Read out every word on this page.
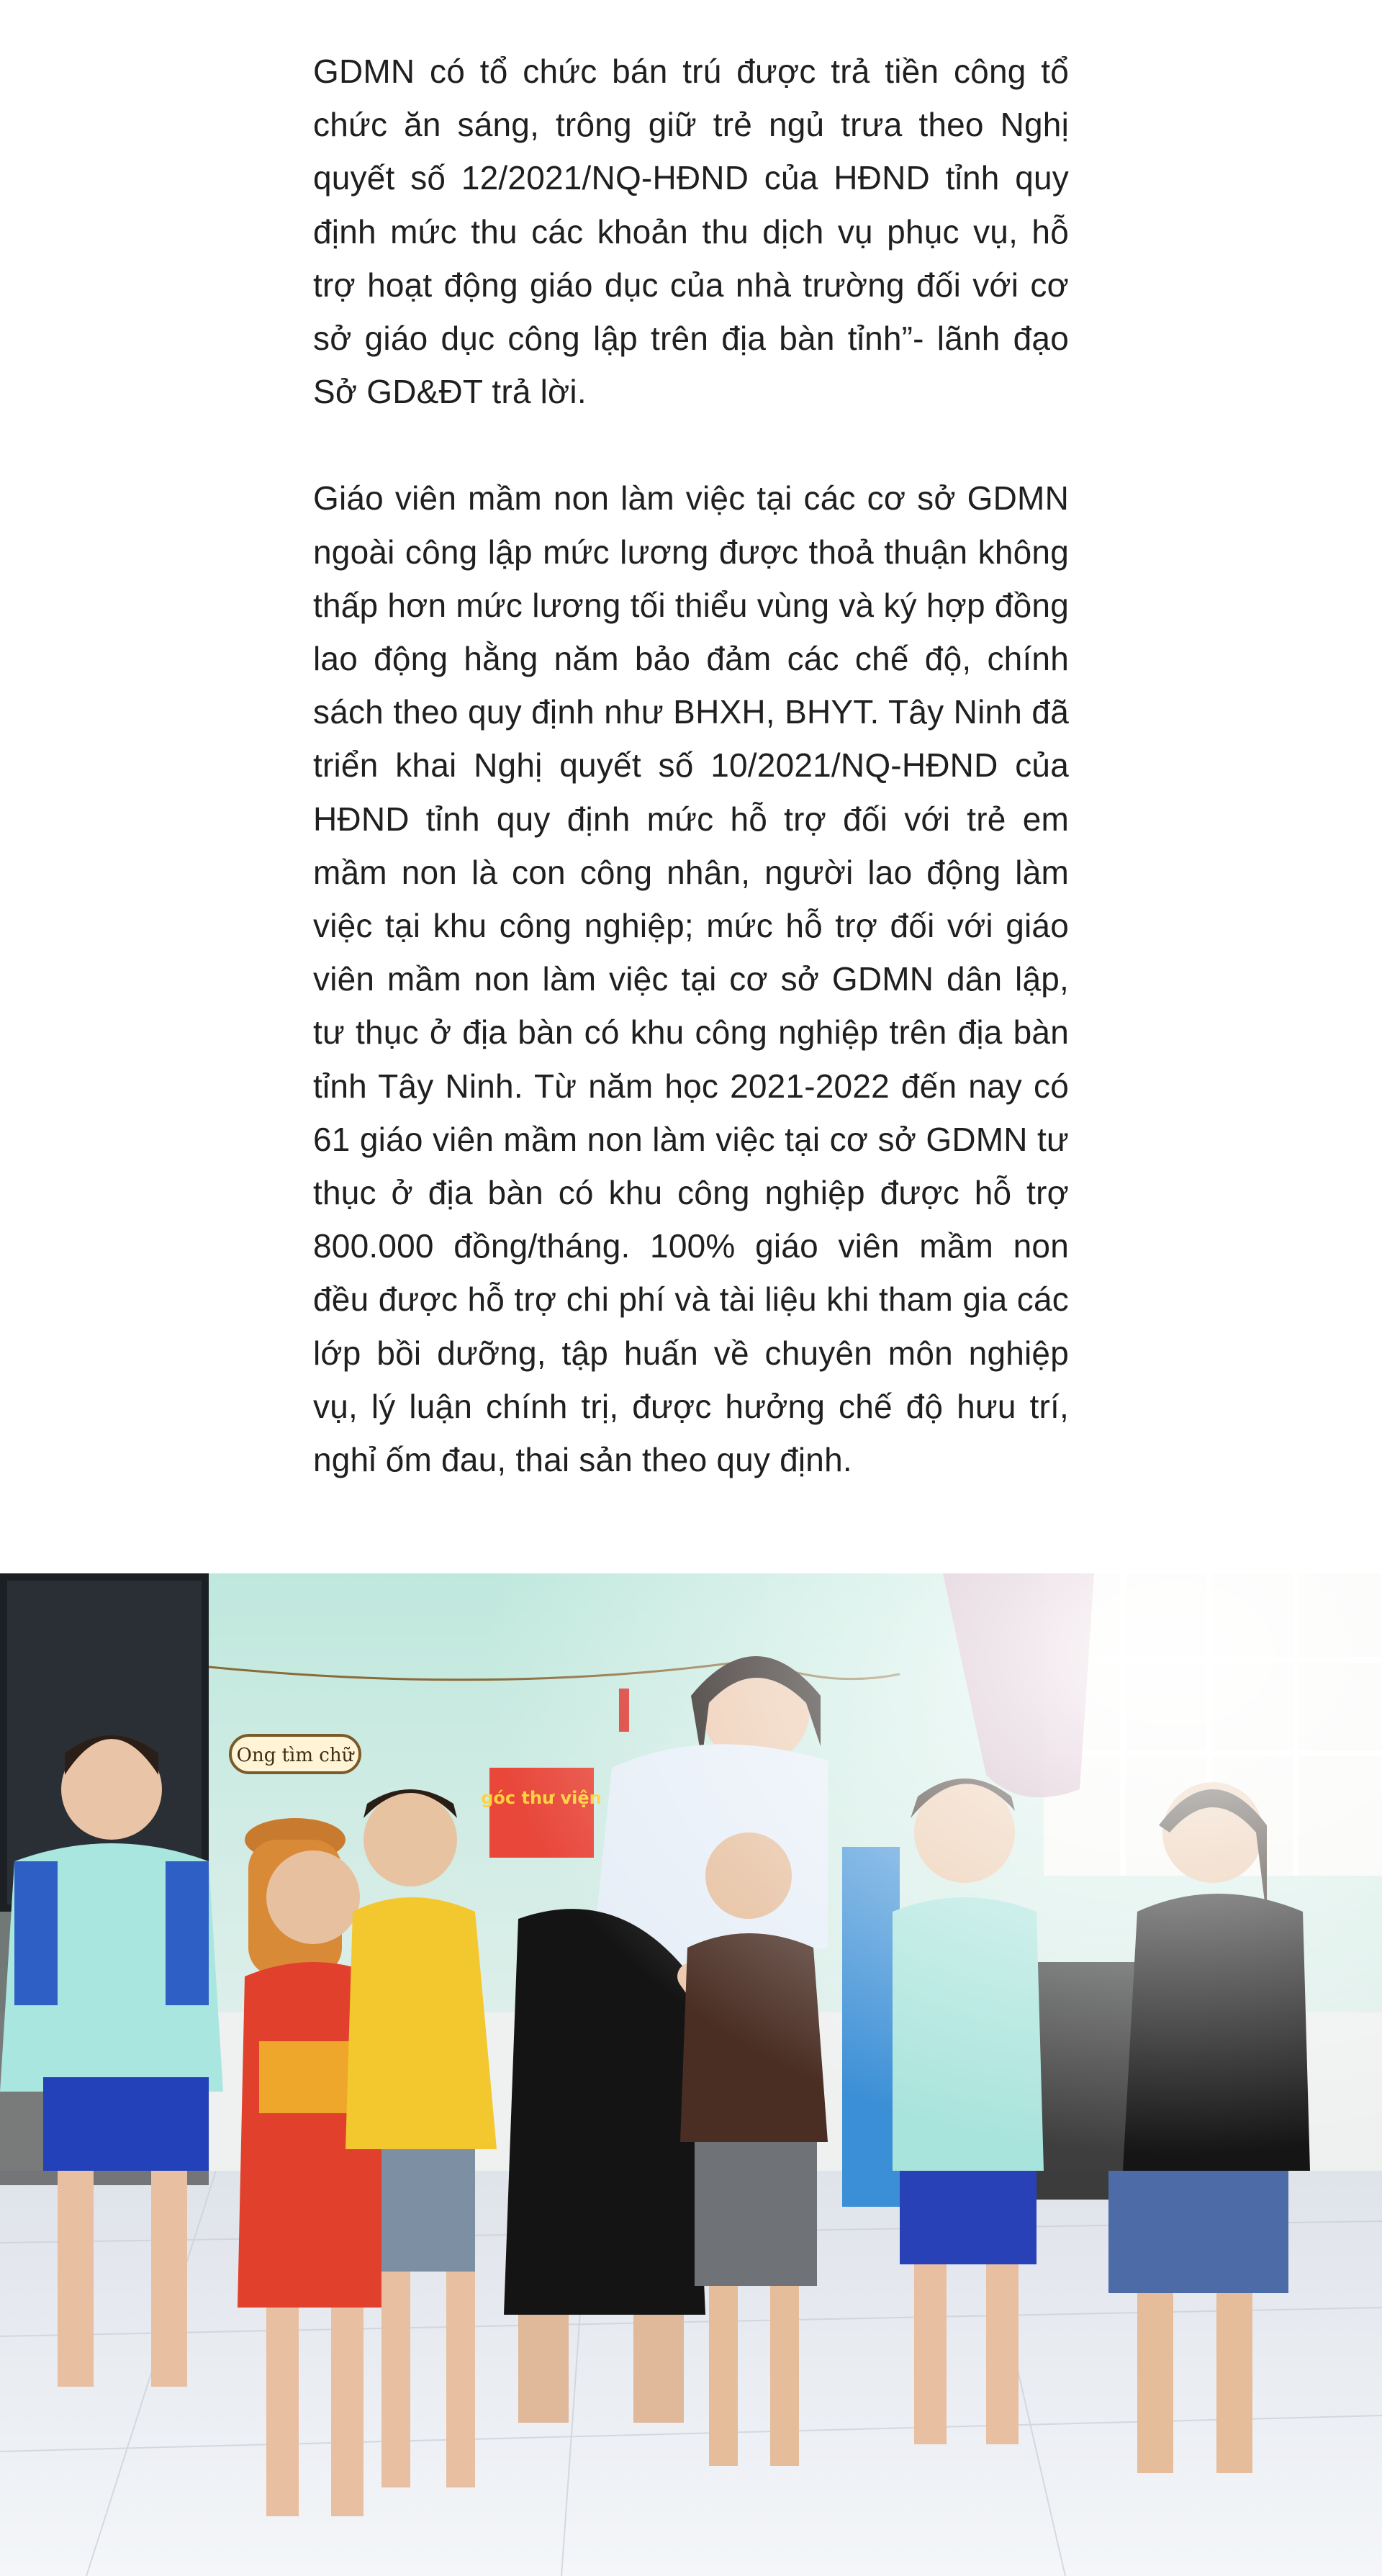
GDMN có tổ chức bán trú được trả tiền công tổ chức ăn sáng, trông giữ trẻ ngủ trưa theo Nghị quyết số 12/2021/NQ-HĐND của HĐND tỉnh quy định mức thu các khoản thu dịch vụ phục vụ, hỗ trợ hoạt động giáo dục của nhà trường đối với cơ sở giáo dục công lập trên địa bàn tỉnh”- lãnh đạo Sở GD&ĐT trả lời.

Giáo viên mầm non làm việc tại các cơ sở GDMN ngoài công lập mức lương được thoả thuận không thấp hơn mức lương tối thiểu vùng và ký hợp đồng lao động hằng năm bảo đảm các chế độ, chính sách theo quy định như BHXH, BHYT. Tây Ninh đã triển khai Nghị quyết số 10/2021/NQ-HĐND của HĐND tỉnh quy định mức hỗ trợ đối với trẻ em mầm non là con công nhân, người lao động làm việc tại khu công nghiệp; mức hỗ trợ đối với giáo viên mầm non làm việc tại cơ sở GDMN dân lập, tư thục ở địa bàn có khu công nghiệp trên địa bàn tỉnh Tây Ninh. Từ năm học 2021-2022 đến nay có 61 giáo viên mầm non làm việc tại cơ sở GDMN tư thục ở địa bàn có khu công nghiệp được hỗ trợ 800.000 đồng/tháng. 100% giáo viên mầm non đều được hỗ trợ chi phí và tài liệu khi tham gia các lớp bồi dưỡng, tập huấn về chuyên môn nghiệp vụ, lý luận chính trị, được hưởng chế độ hưu trí, nghỉ ốm đau, thai sản theo quy định.
